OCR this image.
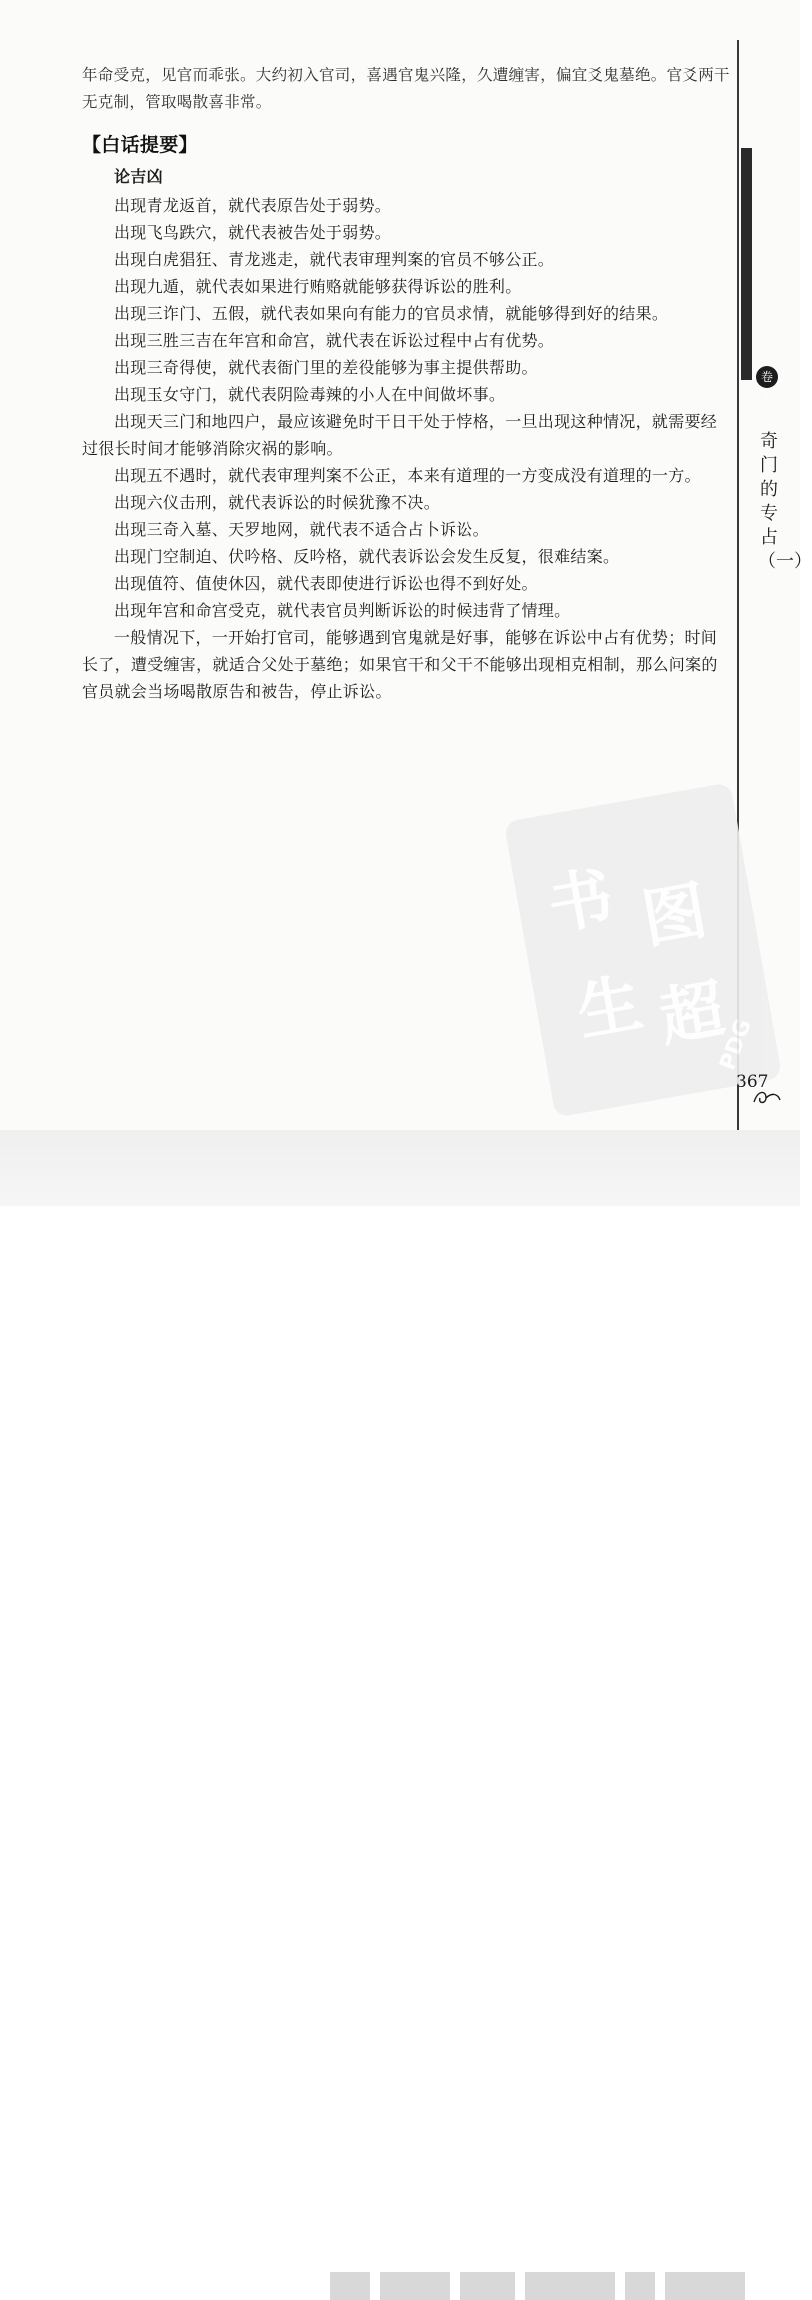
卷十
奇门的专占（一）

年命受克，见官而乖张。大约初入官司，喜遇官鬼兴隆，久遭缠害，偏宜爻鬼墓绝。官爻两干无克制，管取喝散喜非常。

【白话提要】
论吉凶

出现青龙返首，就代表原告处于弱势。

出现飞鸟跌穴，就代表被告处于弱势。

出现白虎猖狂、青龙逃走，就代表审理判案的官员不够公正。

出现九遁，就代表如果进行贿赂就能够获得诉讼的胜利。

出现三诈门、五假，就代表如果向有能力的官员求情，就能够得到好的结果。

出现三胜三吉在年宫和命宫，就代表在诉讼过程中占有优势。

出现三奇得使，就代表衙门里的差役能够为事主提供帮助。

出现玉女守门，就代表阴险毒辣的小人在中间做坏事。

出现天三门和地四户，最应该避免时干日干处于悖格，一旦出现这种情况，就需要经过很长时间才能够消除灾祸的影响。

出现五不遇时，就代表审理判案不公正，本来有道理的一方变成没有道理的一方。

出现六仪击刑，就代表诉讼的时候犹豫不决。

出现三奇入墓、天罗地网，就代表不适合占卜诉讼。

出现门空制迫、伏吟格、反吟格，就代表诉讼会发生反复，很难结案。

出现值符、值使休囚，就代表即使进行诉讼也得不到好处。

出现年宫和命宫受克，就代表官员判断诉讼的时候违背了情理。

一般情况下，一开始打官司，能够遇到官鬼就是好事，能够在诉讼中占有优势；时间长了，遭受缠害，就适合父处于墓绝；如果官干和父干不能够出现相克相制，那么问案的官员就会当场喝散原告和被告，停止诉讼。

书 图
生 超
PDG
367
